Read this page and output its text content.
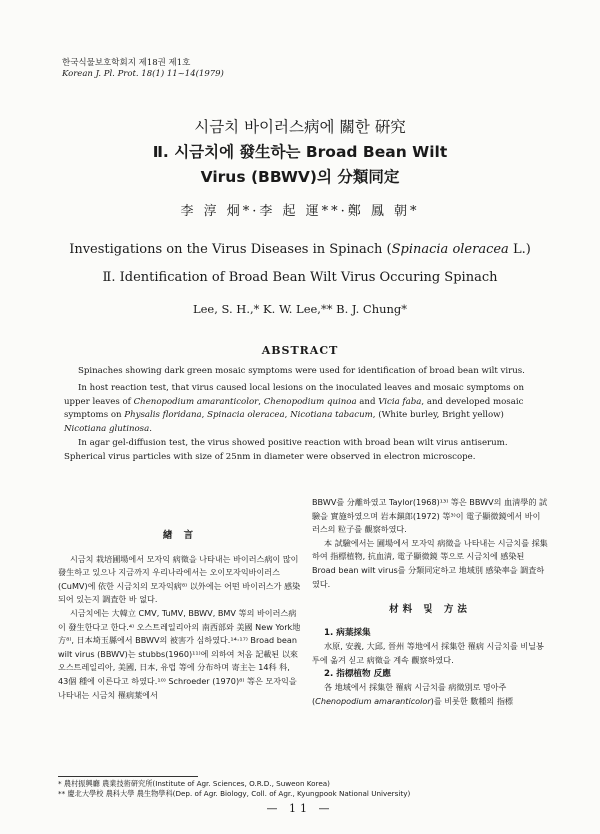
한국식물보호학회지 제18권 제1호
Korean J. Pl. Prot. 18(1) 11~14(1979)
시금치 바이러스病에 關한 硏究
Ⅱ. 시금치에 發生하는 Broad Bean Wilt
Virus (BBWV)의 分類同定
李 淳 炯*·李 起 運**·鄭 鳳 朝*
Investigations on the Virus Diseases in Spinach (Spinacia oleracea L.)
Ⅱ. Identification of Broad Bean Wilt Virus Occuring Spinach
Lee, S. H.,* K. W. Lee,** B. J. Chung*
ABSTRACT

Spinaches showing dark green mosaic symptoms were used for identification of broad bean wilt virus.

In host reaction test, that virus caused local lesions on the inoculated leaves and mosaic symptoms on upper leaves of Chenopodium amaranticolor, Chenopodium quinoa and Vicia faba, and developed mosaic symptoms on Physalis floridana, Spinacia oleracea, Nicotiana tabacum, (White burley, Bright yellow) Nicotiana glutinosa.

In agar gel-diffusion test, the virus showed positive reaction with broad bean wilt virus antiserum. Spherical virus particles with size of 25nm in diameter were observed in electron microscope.

緖 言

시금치 栽培圃場에서 모자익 病徵을 나타내는 바이러스病이 많이 發生하고 있으나 지금까지 우리나라에서는 오이모자익바이러스(CuMV)에 依한 시금치의 모자익病⁸⁾ 以外에는 어떤 바이러스가 感染되어 있는지 調査한 바 없다.

시금치에는 大韓立 CMV, TuMV, BBWV, BMV 等의 바이러스病이 發生한다고 한다.⁴⁾ 오스트레일리아의 南西部와 美國 New York地方⁸⁾, 日本埼玉縣에서 BBWV의 被害가 심하였다.¹⁴·¹⁷⁾ Broad bean wilt virus (BBWV)는 stubbs(1960)¹¹⁾에 의하여 처음 記載된 以來 오스트레일리아, 美國, 日本, 유럽 等에 分布하며 寄主는 14科 科, 43個 種에 이른다고 하였다.¹⁰⁾ Schroeder (1970)⁸⁾ 等은 모자익을 나타내는 시금치 罹病葉에서

BBWV를 分離하였고 Taylor(1968)¹³⁾ 等은 BBWV의 血淸學的 試驗을 實施하였으며 岩本鎭郎(1972) 等³⁾이 電子顯微鏡에서 바이러스의 粒子를 觀察하였다.

本 試驗에서는 圃場에서 모자익 病徵을 나타내는 시금치를 採集하여 指標植物, 抗血淸, 電子顯微鏡 等으로 시금치에 感染된 Broad bean wilt virus를 分類同定하고 地域別 感染率을 調査하였다.

材料 및 方法

1. 病葉採集

水原, 安義, 大邱, 晉州 等地에서 採集한 罹病 시금치를 비닐봉투에 옮겨 싣고 病徵을 계속 觀察하였다.

2. 指標植物 反應

各 地域에서 採集한 罹病 시금치를 病徵別로 명아주(Chenopodium amaranticolor)를 비롯한 數種의 指標

* 農村振興廳 農業技術硏究所(Institute of Agr. Sciences, O.R.D., Suweon Korea)
** 慶北大學校 農科大學 農生物學科(Dep. of Agr. Biology, Coll. of Agr., Kyungpook National University)
— 11 —
